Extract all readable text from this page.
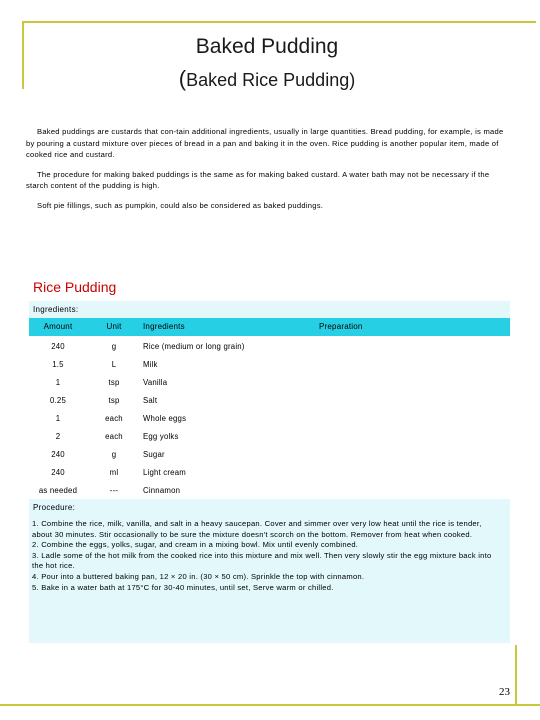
Baked Pudding
(Baked Rice Pudding)

Baked puddings are custards that con-tain additional ingredients, usually in large quantities. Bread pudding, for example, is made by pouring a custard mixture over pieces of bread in a pan and baking it in the oven. Rice pudding is another popular item, made of cooked rice and custard.

The procedure for making baked puddings is the same as for making baked custard. A water bath may not be necessary if the starch content of the pudding is high.

Soft pie fillings, such as pumpkin, could also be considered as baked puddings.

Rice Pudding
Ingredients:
Amount	Unit	Ingredients	Preparation
240	g	Rice (medium or long grain)
1.5	L	Milk
1	tsp	Vanilla
0.25	tsp	Salt
1	each	Whole eggs
2	each	Egg yolks
240	g	Sugar
240	ml	Light cream
as needed	---	Cinnamon
Procedure:
1. Combine the rice, milk, vanilla, and salt in a heavy saucepan. Cover and simmer over very low heat until the rice is tender, about 30 minutes. Stir occasionally to be sure the mixture doesn't scorch on the bottom. Remover from heat when cooked.
2. Combine the eggs, yolks, sugar, and cream in a mixing bowl. Mix until evenly combined.
3. Ladle some of the hot milk from the cooked rice into this mixture and mix well. Then very slowly stir the egg mixture back into the hot rice.
4. Pour into a buttered baking pan, 12 × 20 in. (30 × 50 cm). Sprinkle the top with cinnamon.
5. Bake in a water bath at 175°C for 30-40 minutes, until set, Serve warm or chilled.
23
